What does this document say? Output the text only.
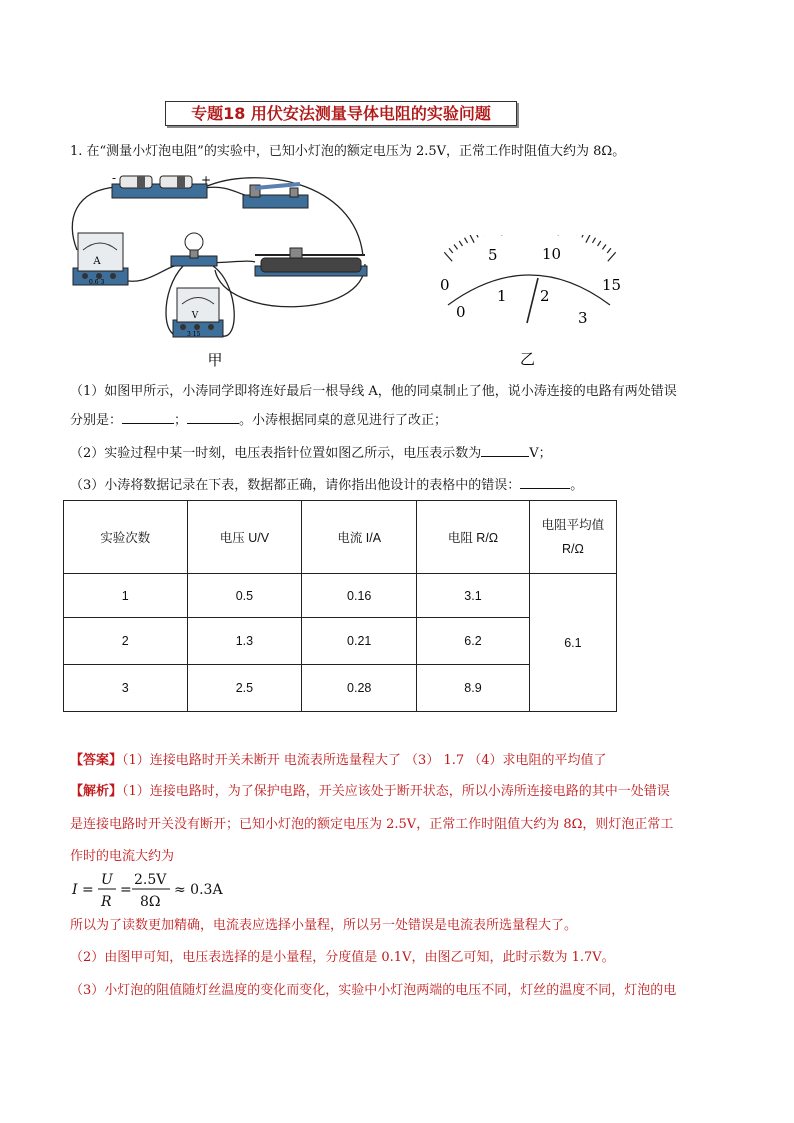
专题18 用伏安法测量导体电阻的实验问题
1. 在“测量小灯泡电阻”的实验中，已知小灯泡的额定电压为 2.5V，正常工作时阻值大约为 8Ω。
-	+
A
0.6 3
V
3 15
甲
0
5	10
15
0
1 2
3
乙
（1）如图甲所示，小涛同学即将连好最后一根导线 A，他的同桌制止了他，说小涛连接的电路有两处错误
分别是：	；	。小涛根据同桌的意见进行了改正；
（2）实验过程中某一时刻，电压表指针位置如图乙所示，电压表示数为	V；
（3）小涛将数据记录在下表，数据都正确，请你指出他设计的表格中的错误：	。
实验次数	电压 U/V	电流 I/A	电阻 R/Ω	电阻平均值
R/Ω
1	0.5	0.16	3.1	6.1
2	1.3	0.21	6.2	
3	2.5	0.28	8.9	
【答案】（1）连接电路时开关未断开 电流表所选量程大了 （3） 1.7 （4）求电阻的平均值了
【解析】（1）连接电路时，为了保护电路，开关应该处于断开状态，所以小涛所连接电路的其中一处错误
是连接电路时开关没有断开；已知小灯泡的额定电压为 2.5V，正常工作时阻值大约为 8Ω，则灯泡正常工
作时的电流大约为
I =
U
R
=
2.5V
8Ω
≈ 0.3A
所以为了读数更加精确，电流表应选择小量程，所以另一处错误是电流表所选量程大了。
（2）由图甲可知，电压表选择的是小量程，分度值是 0.1V，由图乙可知，此时示数为 1.7V。
（3）小灯泡的阻值随灯丝温度的变化而变化，实验中小灯泡两端的电压不同，灯丝的温度不同，灯泡的电
